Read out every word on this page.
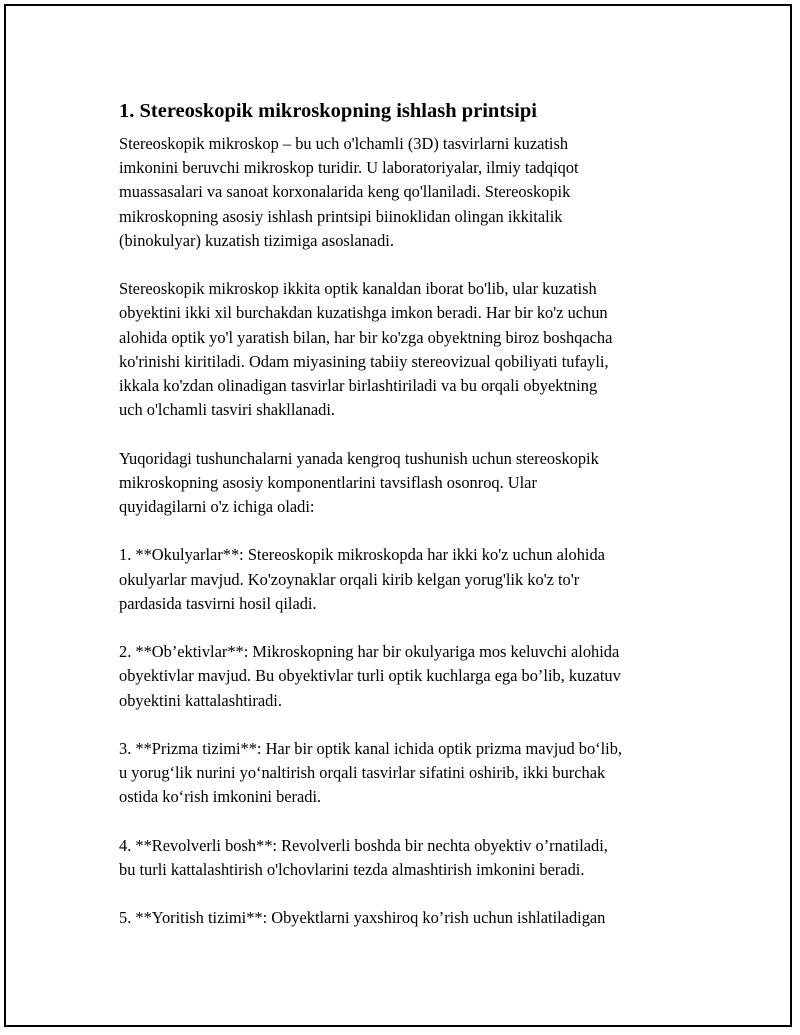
1. Stereoskopik mikroskopning ishlash printsipi
Stereoskopik mikroskop – bu uch o'lchamli (3D) tasvirlarni kuzatish
imkonini beruvchi mikroskop turidir. U laboratoriyalar, ilmiy tadqiqot
muassasalari va sanoat korxonalarida keng qo'llaniladi. Stereoskopik
mikroskopning asosiy ishlash printsipi biinoklidan olingan ikkitalik
(binokulyar) kuzatish tizimiga asoslanadi.
Stereoskopik mikroskop ikkita optik kanaldan iborat bo'lib, ular kuzatish
obyektini ikki xil burchakdan kuzatishga imkon beradi. Har bir ko'z uchun
alohida optik yo'l yaratish bilan, har bir ko'zga obyektning biroz boshqacha
ko'rinishi kiritiladi. Odam miyasining tabiiy stereovizual qobiliyati tufayli,
ikkala ko'zdan olinadigan tasvirlar birlashtiriladi va bu orqali obyektning
uch o'lchamli tasviri shakllanadi.
Yuqoridagi tushunchalarni yanada kengroq tushunish uchun stereoskopik
mikroskopning asosiy komponentlarini tavsiflash osonroq. Ular
quyidagilarni o'z ichiga oladi:
1. **Okulyarlar**: Stereoskopik mikroskopda har ikki ko'z uchun alohida
okulyarlar mavjud. Ko'zoynaklar orqali kirib kelgan yorug'lik ko'z to'r
pardasida tasvirni hosil qiladi.
2. **Ob’ektivlar**: Mikroskopning har bir okulyariga mos keluvchi alohida
obyektivlar mavjud. Bu obyektivlar turli optik kuchlarga ega bo’lib, kuzatuv
obyektini kattalashtiradi.
3. **Prizma tizimi**: Har bir optik kanal ichida optik prizma mavjud bo‘lib,
u yorug‘lik nurini yo‘naltirish orqali tasvirlar sifatini oshirib, ikki burchak
ostida ko‘rish imkonini beradi.
4. **Revolverli bosh**: Revolverli boshda bir nechta obyektiv o’rnatiladi,
bu turli kattalashtirish o'lchovlarini tezda almashtirish imkonini beradi.
5. **Yoritish tizimi**: Obyektlarni yaxshiroq ko’rish uchun ishlatiladigan
